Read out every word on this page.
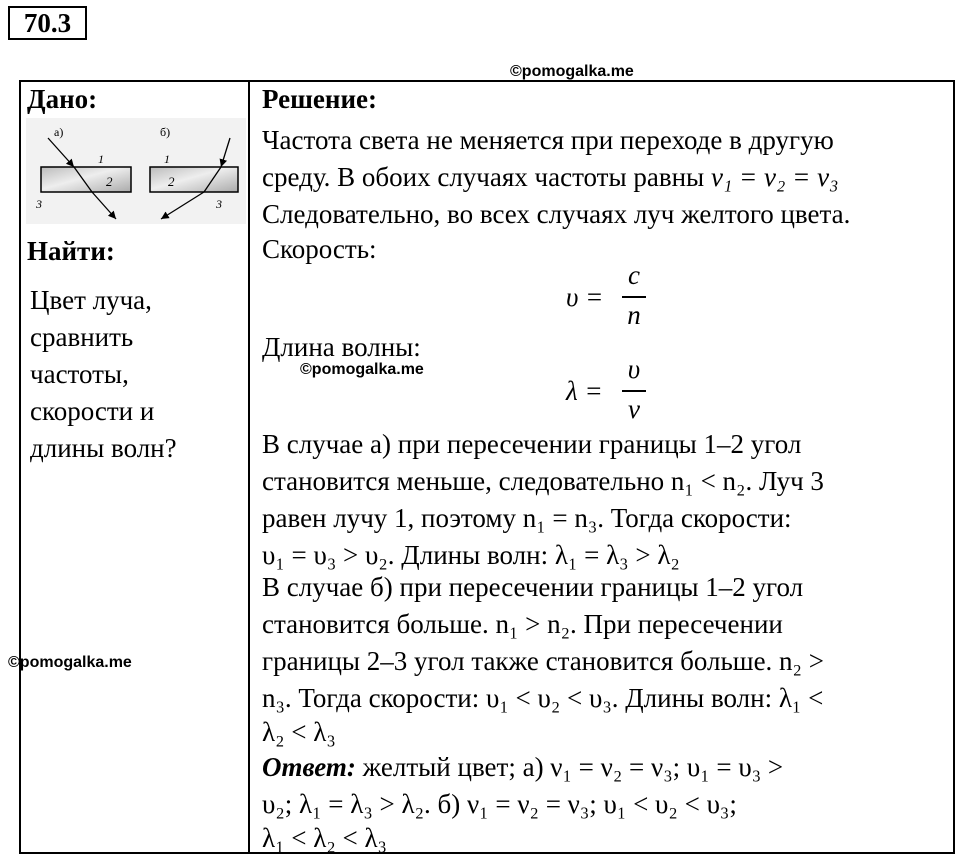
70.3
©pomogalka.me
©pomogalka.me
©pomogalka.me
Дано:
а)	б)
1
2
3
1
2
3
Найти:
Цвет луча,
сравнить
частоты,
скорости и
длины волн?
Решение:
Частота света не меняется при переходе в другую
среду. В обоих случаях частоты равны ν₁ = ν₂ = ν₃
Следовательно, во всех случаях луч желтого цвета.
Скорость:
υ =
c
n
Длина волны:
λ =
υ
ν
В случае а) при пересечении границы 1–2 угол
становится меньше, следовательно n₁ < n₂. Луч 3
равен лучу 1, поэтому n₁ = n₃. Тогда скорости:
υ₁ = υ₃ > υ₂. Длины волн: λ₁ = λ₃ > λ₂
В случае б) при пересечении границы 1–2 угол
становится больше. n₁ > n₂. При пересечении
границы 2–3 угол также становится больше. n₂ >
n₃. Тогда скорости: υ₁ < υ₂ < υ₃. Длины волн: λ₁ <
λ₂ < λ₃
Ответ: желтый цвет; а) ν₁ = ν₂ = ν₃; υ₁ = υ₃ >
υ₂; λ₁ = λ₃ > λ₂. б) ν₁ = ν₂ = ν₃; υ₁ < υ₂ < υ₃;
λ₁ < λ₂ < λ₃
